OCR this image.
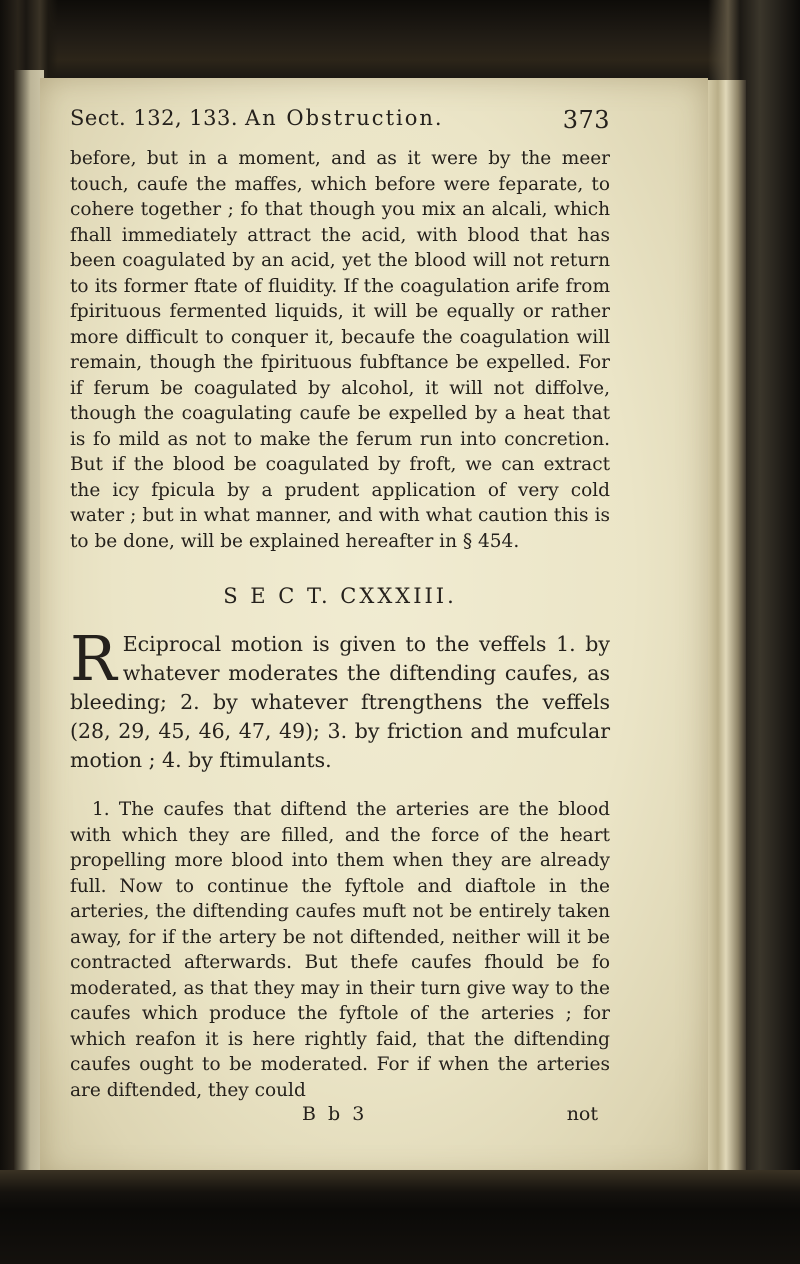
Sect. 132, 133. An Obstruction.	373

before, but in a moment, and as it were by the meer touch, caufe the maffes, which before were feparate, to cohere together ; fo that though you mix an alcali, which fhall immediately attract the acid, with blood that has been coagulated by an acid, yet the blood will not return to its former ftate of fluidity. If the coagulation arife from fpirituous fermented liquids, it will be equally or rather more difficult to conquer it, becaufe the coagulation will remain, though the fpirituous fubftance be expelled. For if ferum be coagulated by alcohol, it will not diffolve, though the coagulating caufe be expelled by a heat that is fo mild as not to make the ferum run into concretion. But if the blood be coagulated by froft, we can extract the icy fpicula by a prudent application of very cold water ; but in what manner, and with what caution this is to be done, will be explained hereafter in § 454.

S E C T. CXXXIII.

R Eciprocal motion is given to the veffels 1. by whatever moderates the diftending caufes, as bleeding; 2. by whatever ftrengthens the veffels (28, 29, 45, 46, 47, 49); 3. by friction and mufcular motion ; 4. by ftimulants.

1. The caufes that diftend the arteries are the blood with which they are filled, and the force of the heart propelling more blood into them when they are already full. Now to continue the fyftole and diaftole in the arteries, the diftending caufes muft not be entirely taken away, for if the artery be not diftended, neither will it be contracted afterwards. But thefe caufes fhould be fo moderated, as that they may in their turn give way to the caufes which produce the fyftole of the arteries ; for which reafon it is here rightly faid, that the diftending caufes ought to be moderated. For if when the arteries are diftended, they could

B b 3	not
